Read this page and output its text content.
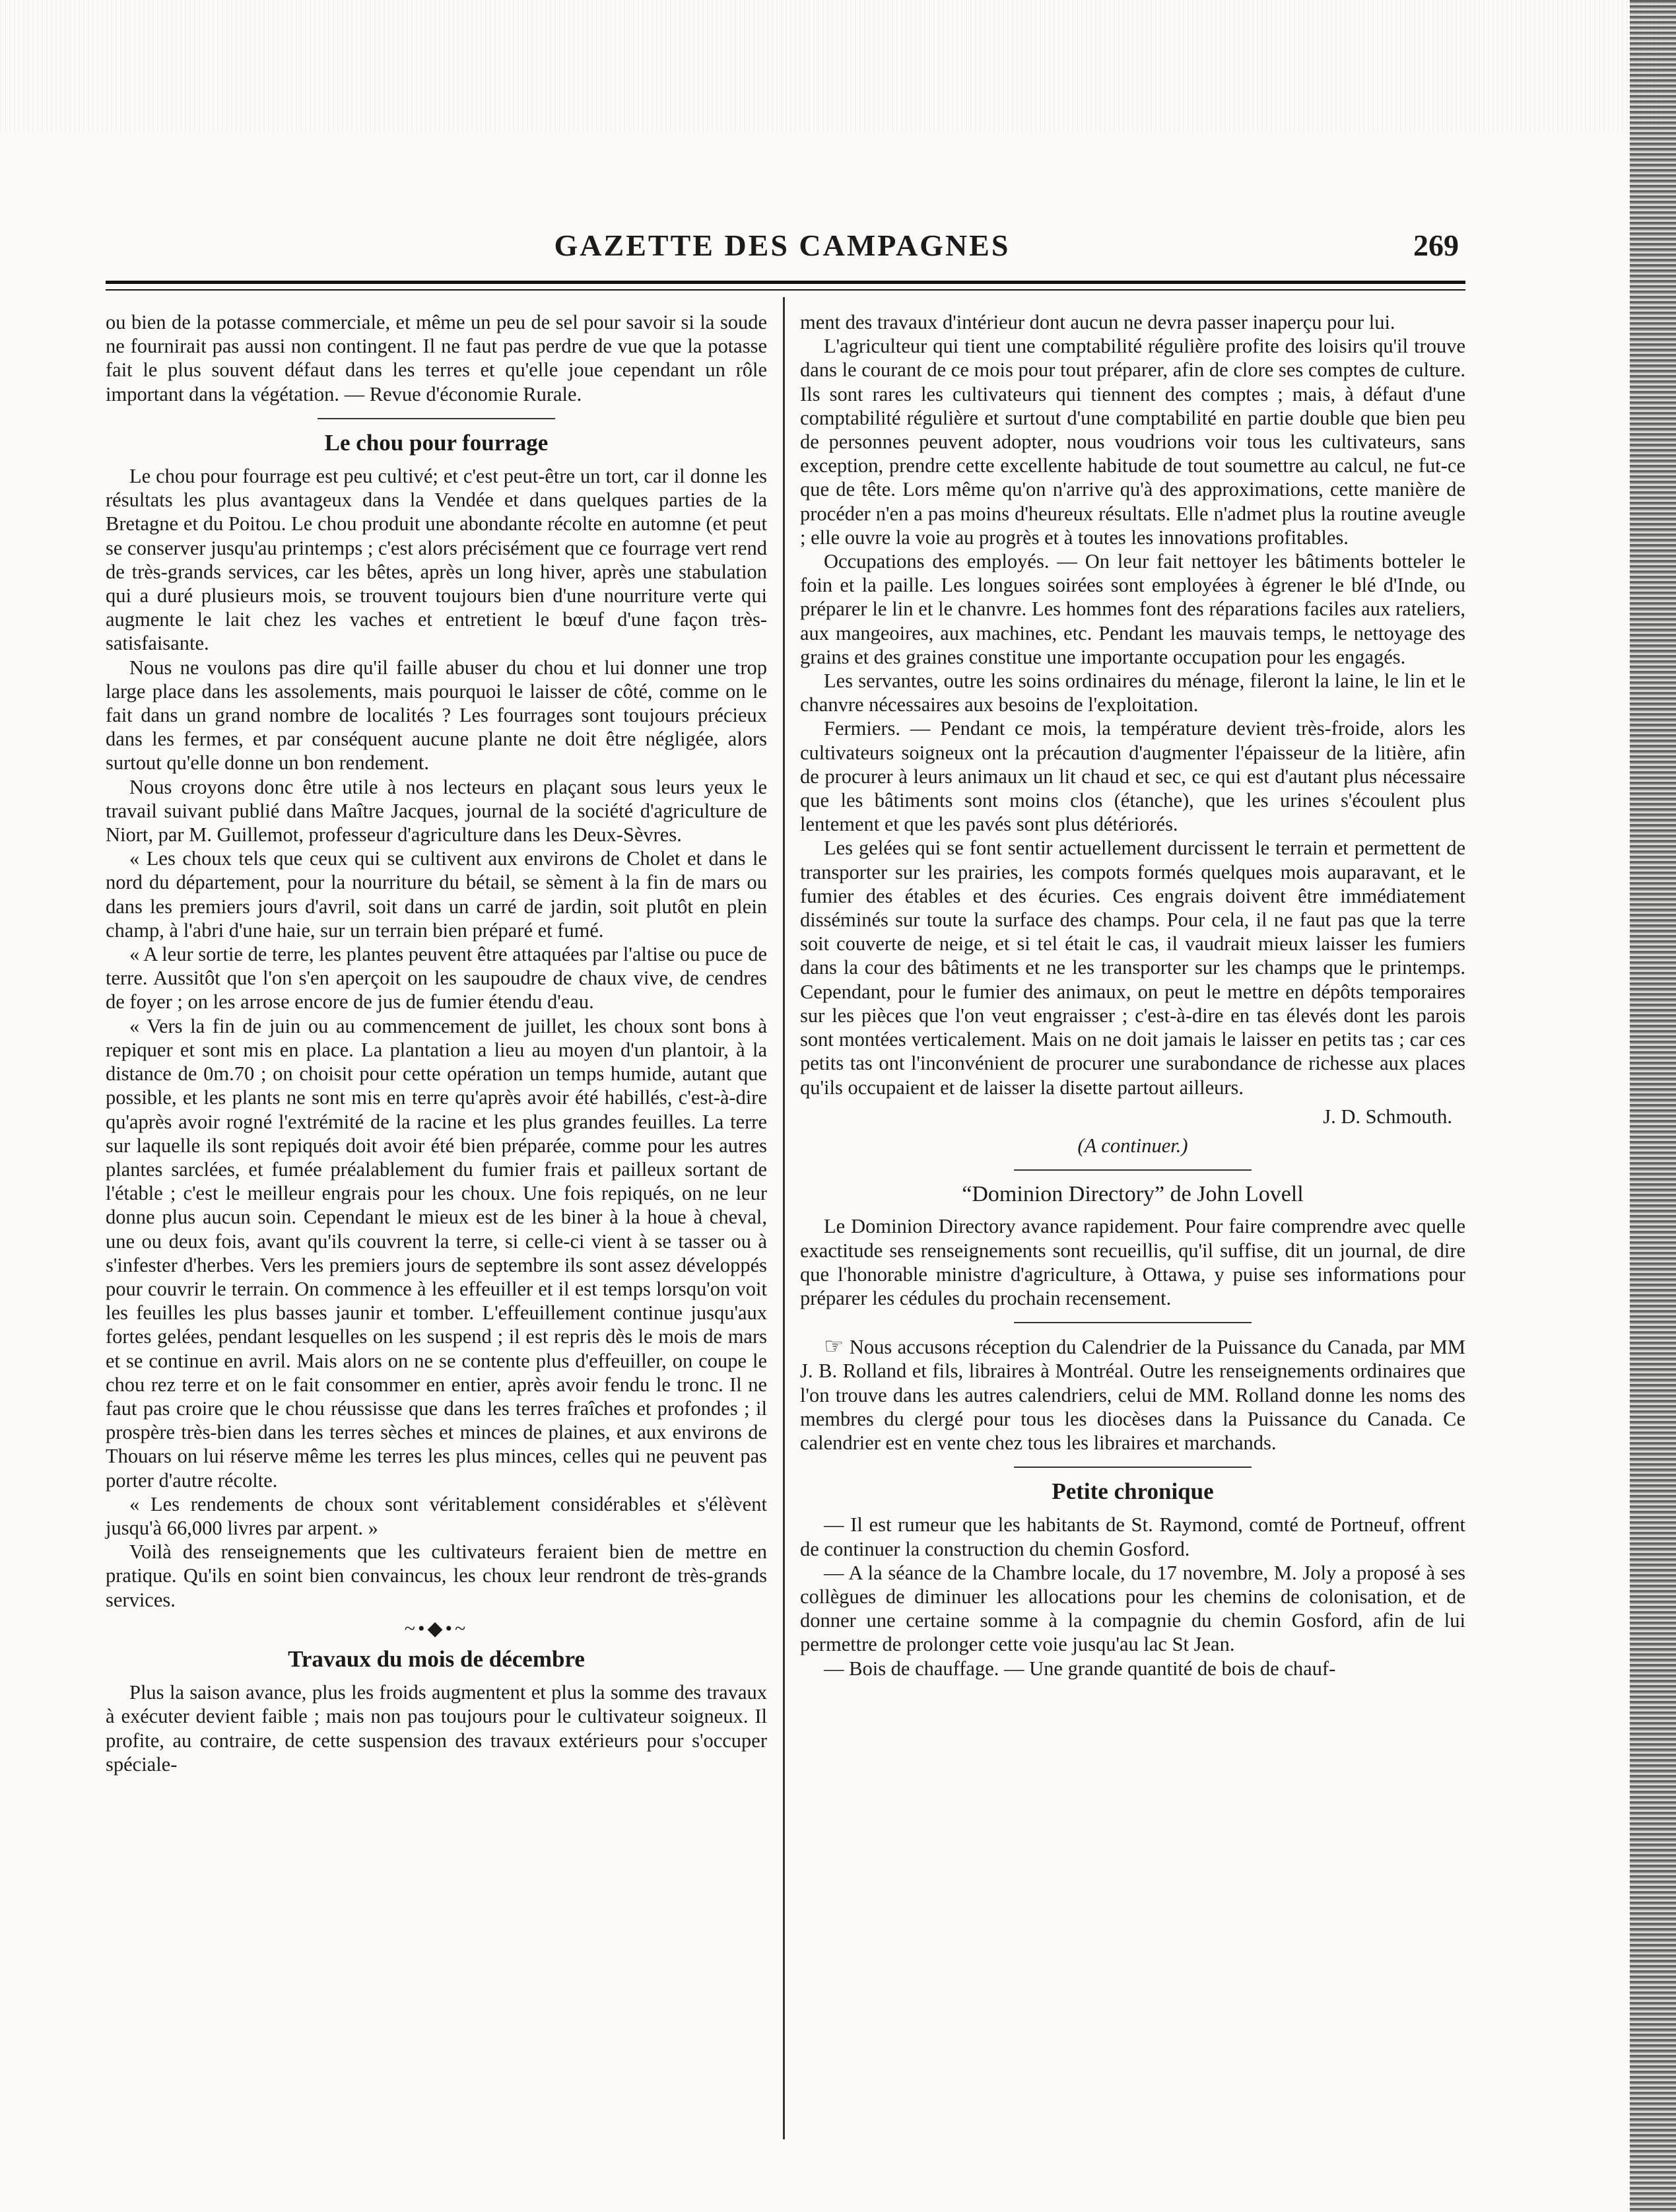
GAZETTE DES CAMPAGNES	269

ou bien de la potasse commerciale, et même un peu de sel pour savoir si la soude ne fournirait pas aussi non contingent. Il ne faut pas perdre de vue que la potasse fait le plus souvent défaut dans les terres et qu'elle joue cependant un rôle important dans la végétation. — Revue d'économie Rurale.

Le chou pour fourrage

Le chou pour fourrage est peu cultivé; et c'est peut-être un tort, car il donne les résultats les plus avantageux dans la Vendée et dans quelques parties de la Bretagne et du Poitou. Le chou produit une abondante récolte en automne (et peut se conserver jusqu'au printemps ; c'est alors précisément que ce fourrage vert rend de très-grands services, car les bêtes, après un long hiver, après une stabulation qui a duré plusieurs mois, se trouvent toujours bien d'une nourriture verte qui augmente le lait chez les vaches et entretient le bœuf d'une façon très-satisfaisante.

Nous ne voulons pas dire qu'il faille abuser du chou et lui donner une trop large place dans les assolements, mais pourquoi le laisser de côté, comme on le fait dans un grand nombre de localités ? Les fourrages sont toujours précieux dans les fermes, et par conséquent aucune plante ne doit être négligée, alors surtout qu'elle donne un bon rendement.

Nous croyons donc être utile à nos lecteurs en plaçant sous leurs yeux le travail suivant publié dans Maître Jacques, journal de la société d'agriculture de Niort, par M. Guillemot, professeur d'agriculture dans les Deux-Sèvres.

« Les choux tels que ceux qui se cultivent aux environs de Cholet et dans le nord du département, pour la nourriture du bétail, se sèment à la fin de mars ou dans les premiers jours d'avril, soit dans un carré de jardin, soit plutôt en plein champ, à l'abri d'une haie, sur un terrain bien préparé et fumé.

« A leur sortie de terre, les plantes peuvent être attaquées par l'altise ou puce de terre. Aussitôt que l'on s'en aperçoit on les saupoudre de chaux vive, de cendres de foyer ; on les arrose encore de jus de fumier étendu d'eau.

« Vers la fin de juin ou au commencement de juillet, les choux sont bons à repiquer et sont mis en place. La plantation a lieu au moyen d'un plantoir, à la distance de 0m.70 ; on choisit pour cette opération un temps humide, autant que possible, et les plants ne sont mis en terre qu'après avoir été habillés, c'est-à-dire qu'après avoir rogné l'extrémité de la racine et les plus grandes feuilles. La terre sur laquelle ils sont repiqués doit avoir été bien préparée, comme pour les autres plantes sarclées, et fumée préalablement du fumier frais et pailleux sortant de l'étable ; c'est le meilleur engrais pour les choux. Une fois repiqués, on ne leur donne plus aucun soin. Cependant le mieux est de les biner à la houe à cheval, une ou deux fois, avant qu'ils couvrent la terre, si celle-ci vient à se tasser ou à s'infester d'herbes. Vers les premiers jours de septembre ils sont assez développés pour couvrir le terrain. On commence à les effeuiller et il est temps lorsqu'on voit les feuilles les plus basses jaunir et tomber. L'effeuillement continue jusqu'aux fortes gelées, pendant lesquelles on les suspend ; il est repris dès le mois de mars et se continue en avril. Mais alors on ne se contente plus d'effeuiller, on coupe le chou rez terre et on le fait consommer en entier, après avoir fendu le tronc. Il ne faut pas croire que le chou réussisse que dans les terres fraîches et profondes ; il prospère très-bien dans les terres sèches et minces de plaines, et aux environs de Thouars on lui réserve même les terres les plus minces, celles qui ne peuvent pas porter d'autre récolte.

« Les rendements de choux sont véritablement considérables et s'élèvent jusqu'à 66,000 livres par arpent. »

Voilà des renseignements que les cultivateurs feraient bien de mettre en pratique. Qu'ils en soint bien convaincus, les choux leur rendront de très-grands services.

~•◆•~
Travaux du mois de décembre

Plus la saison avance, plus les froids augmentent et plus la somme des travaux à exécuter devient faible ; mais non pas toujours pour le cultivateur soigneux. Il profite, au contraire, de cette suspension des travaux extérieurs pour s'occuper spéciale-

ment des travaux d'intérieur dont aucun ne devra passer inaperçu pour lui.

L'agriculteur qui tient une comptabilité régulière profite des loisirs qu'il trouve dans le courant de ce mois pour tout préparer, afin de clore ses comptes de culture. Ils sont rares les cultivateurs qui tiennent des comptes ; mais, à défaut d'une comptabilité régulière et surtout d'une comptabilité en partie double que bien peu de personnes peuvent adopter, nous voudrions voir tous les cultivateurs, sans exception, prendre cette excellente habitude de tout soumettre au calcul, ne fut-ce que de tête. Lors même qu'on n'arrive qu'à des approximations, cette manière de procéder n'en a pas moins d'heureux résultats. Elle n'admet plus la routine aveugle ; elle ouvre la voie au progrès et à toutes les innovations profitables.

Occupations des employés. — On leur fait nettoyer les bâtiments botteler le foin et la paille. Les longues soirées sont employées à égrener le blé d'Inde, ou préparer le lin et le chanvre. Les hommes font des réparations faciles aux rateliers, aux mangeoires, aux machines, etc. Pendant les mauvais temps, le nettoyage des grains et des graines constitue une importante occupation pour les engagés.

Les servantes, outre les soins ordinaires du ménage, fileront la laine, le lin et le chanvre nécessaires aux besoins de l'exploitation.

Fermiers. — Pendant ce mois, la température devient très-froide, alors les cultivateurs soigneux ont la précaution d'augmenter l'épaisseur de la litière, afin de procurer à leurs animaux un lit chaud et sec, ce qui est d'autant plus nécessaire que les bâtiments sont moins clos (étanche), que les urines s'écoulent plus lentement et que les pavés sont plus détériorés.

Les gelées qui se font sentir actuellement durcissent le terrain et permettent de transporter sur les prairies, les compots formés quelques mois auparavant, et le fumier des étables et des écuries. Ces engrais doivent être immédiatement disséminés sur toute la surface des champs. Pour cela, il ne faut pas que la terre soit couverte de neige, et si tel était le cas, il vaudrait mieux laisser les fumiers dans la cour des bâtiments et ne les transporter sur les champs que le printemps. Cependant, pour le fumier des animaux, on peut le mettre en dépôts temporaires sur les pièces que l'on veut engraisser ; c'est-à-dire en tas élevés dont les parois sont montées verticalement. Mais on ne doit jamais le laisser en petits tas ; car ces petits tas ont l'inconvénient de procurer une surabondance de richesse aux places qu'ils occupaient et de laisser la disette partout ailleurs.

J. D. Schmouth.
(A continuer.)
“Dominion Directory” de John Lovell

Le Dominion Directory avance rapidement. Pour faire comprendre avec quelle exactitude ses renseignements sont recueillis, qu'il suffise, dit un journal, de dire que l'honorable ministre d'agriculture, à Ottawa, y puise ses informations pour préparer les cédules du prochain recensement.

☞ Nous accusons réception du Calendrier de la Puissance du Canada, par MM J. B. Rolland et fils, libraires à Montréal. Outre les renseignements ordinaires que l'on trouve dans les autres calendriers, celui de MM. Rolland donne les noms des membres du clergé pour tous les diocèses dans la Puissance du Canada. Ce calendrier est en vente chez tous les libraires et marchands.

Petite chronique

— Il est rumeur que les habitants de St. Raymond, comté de Portneuf, offrent de continuer la construction du chemin Gosford.

— A la séance de la Chambre locale, du 17 novembre, M. Joly a proposé à ses collègues de diminuer les allocations pour les chemins de colonisation, et de donner une certaine somme à la compagnie du chemin Gosford, afin de lui permettre de prolonger cette voie jusqu'au lac St Jean.

— Bois de chauffage. — Une grande quantité de bois de chauf-
